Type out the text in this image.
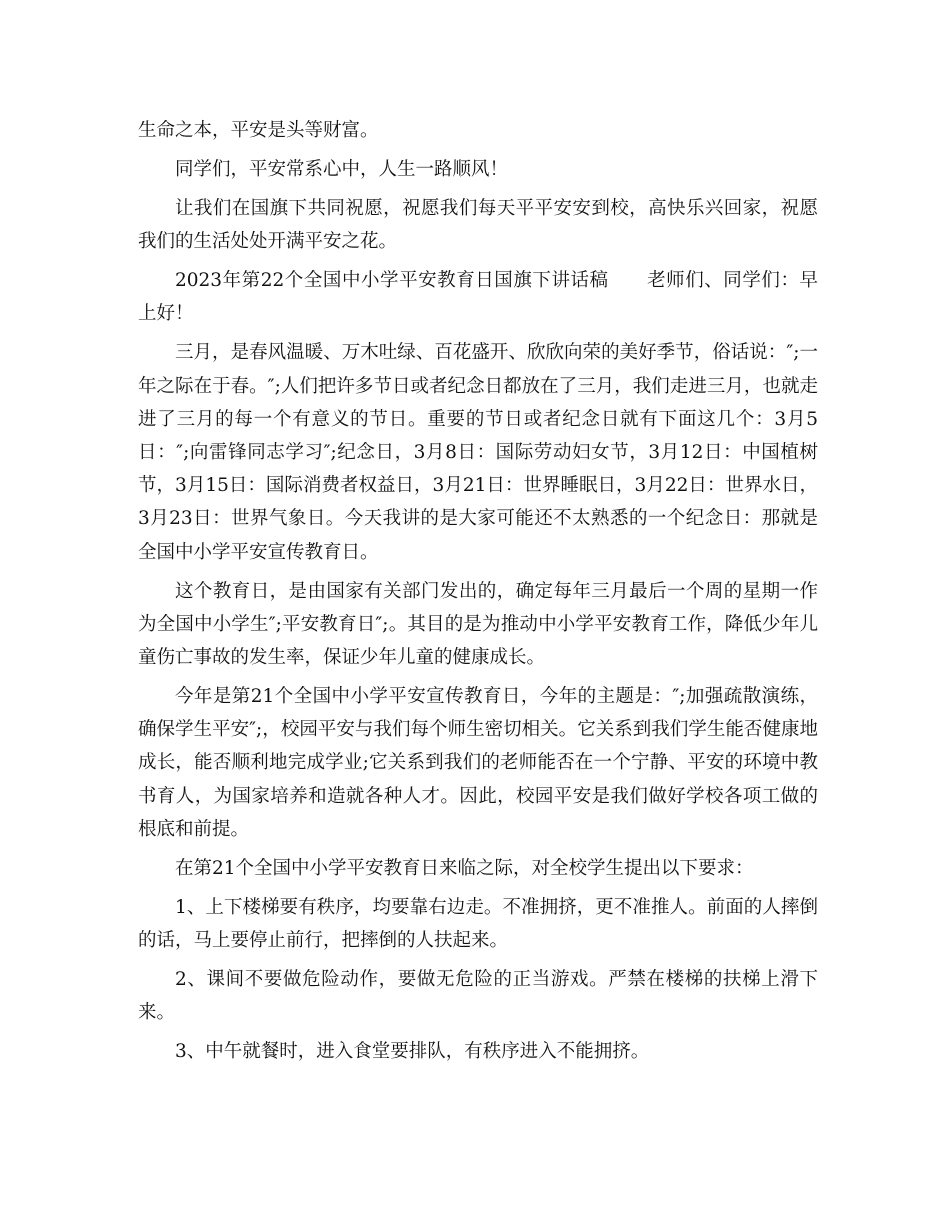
生命之本，平安是头等财富。

同学们，平安常系心中，人生一路顺风！

让我们在国旗下共同祝愿，祝愿我们每天平平安安到校，高快乐兴回家，祝愿我们的生活处处开满平安之花。

2023年第22个全国中小学平安教育日国旗下讲话稿 老师们、同学们：早上好！

三月，是春风温暖、万木吐绿、百花盛开、欣欣向荣的美好季节，俗话说：″;一年之际在于春。″;人们把许多节日或者纪念日都放在了三月，我们走进三月，也就走进了三月的每一个有意义的节日。重要的节日或者纪念日就有下面这几个：3月5日：″;向雷锋同志学习″;纪念日，3月8日：国际劳动妇女节，3月12日：中国植树节，3月15日：国际消费者权益日，3月21日：世界睡眠日，3月22日：世界水日，3月23日：世界气象日。今天我讲的是大家可能还不太熟悉的一个纪念日：那就是全国中小学平安宣传教育日。

这个教育日，是由国家有关部门发出的，确定每年三月最后一个周的星期一作为全国中小学生″;平安教育日″;。其目的是为推动中小学平安教育工作，降低少年儿童伤亡事故的发生率，保证少年儿童的健康成长。

今年是第21个全国中小学平安宣传教育日，今年的主题是：″;加强疏散演练，确保学生平安″;，校园平安与我们每个师生密切相关。它关系到我们学生能否健康地成长，能否顺利地完成学业;它关系到我们的老师能否在一个宁静、平安的环境中教书育人，为国家培养和造就各种人才。因此，校园平安是我们做好学校各项工做的根底和前提。

在第21个全国中小学平安教育日来临之际，对全校学生提出以下要求：

1、上下楼梯要有秩序，均要靠右边走。不准拥挤，更不准推人。前面的人摔倒的话，马上要停止前行，把摔倒的人扶起来。

2、课间不要做危险动作，要做无危险的正当游戏。严禁在楼梯的扶梯上滑下来。

3、中午就餐时，进入食堂要排队，有秩序进入不能拥挤。
